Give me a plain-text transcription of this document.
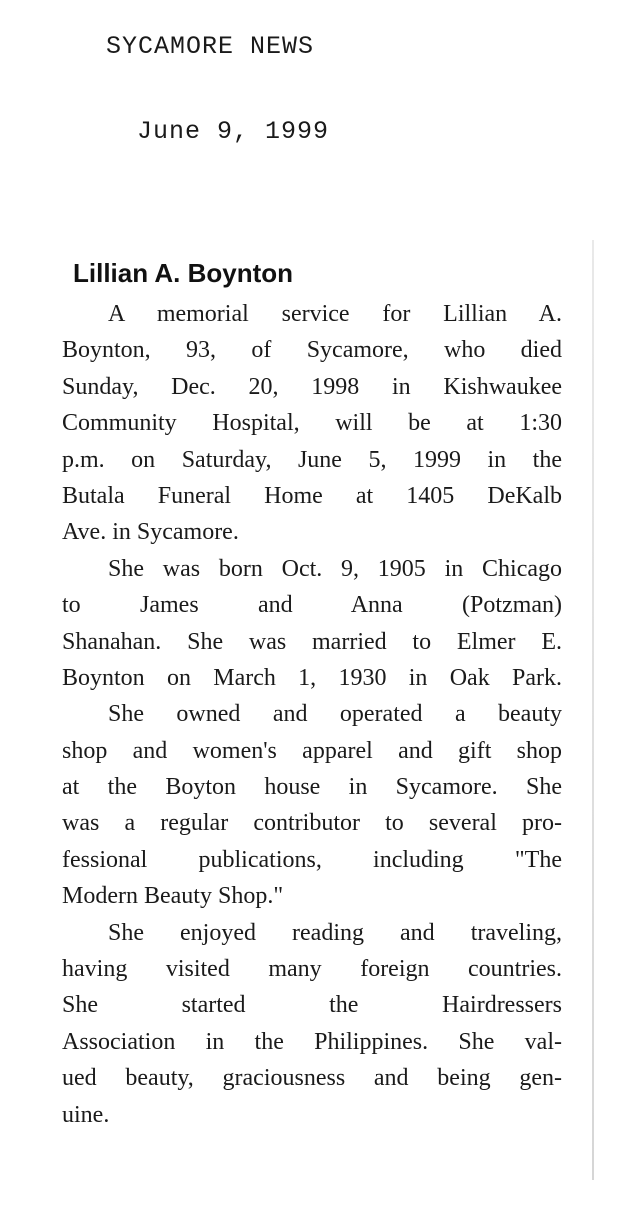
SYCAMORE NEWS
June 9, 1999
Lillian A. Boynton
A memorial service for Lillian A.
Boynton, 93, of Sycamore, who died
Sunday, Dec. 20, 1998 in Kishwaukee
Community Hospital, will be at 1:30
p.m. on Saturday, June 5, 1999 in the
Butala Funeral Home at 1405 DeKalb
Ave. in Sycamore.
She was born Oct. 9, 1905 in Chicago
to James and Anna (Potzman)
Shanahan. She was married to Elmer E.
Boynton on March 1, 1930 in Oak Park.
She owned and operated a beauty
shop and women's apparel and gift shop
at the Boyton house in Sycamore. She
was a regular contributor to several pro-
fessional publications, including "The
Modern Beauty Shop."
She enjoyed reading and traveling,
having visited many foreign countries.
She started the Hairdressers
Association in the Philippines. She val-
ued beauty, graciousness and being gen-
uine.
